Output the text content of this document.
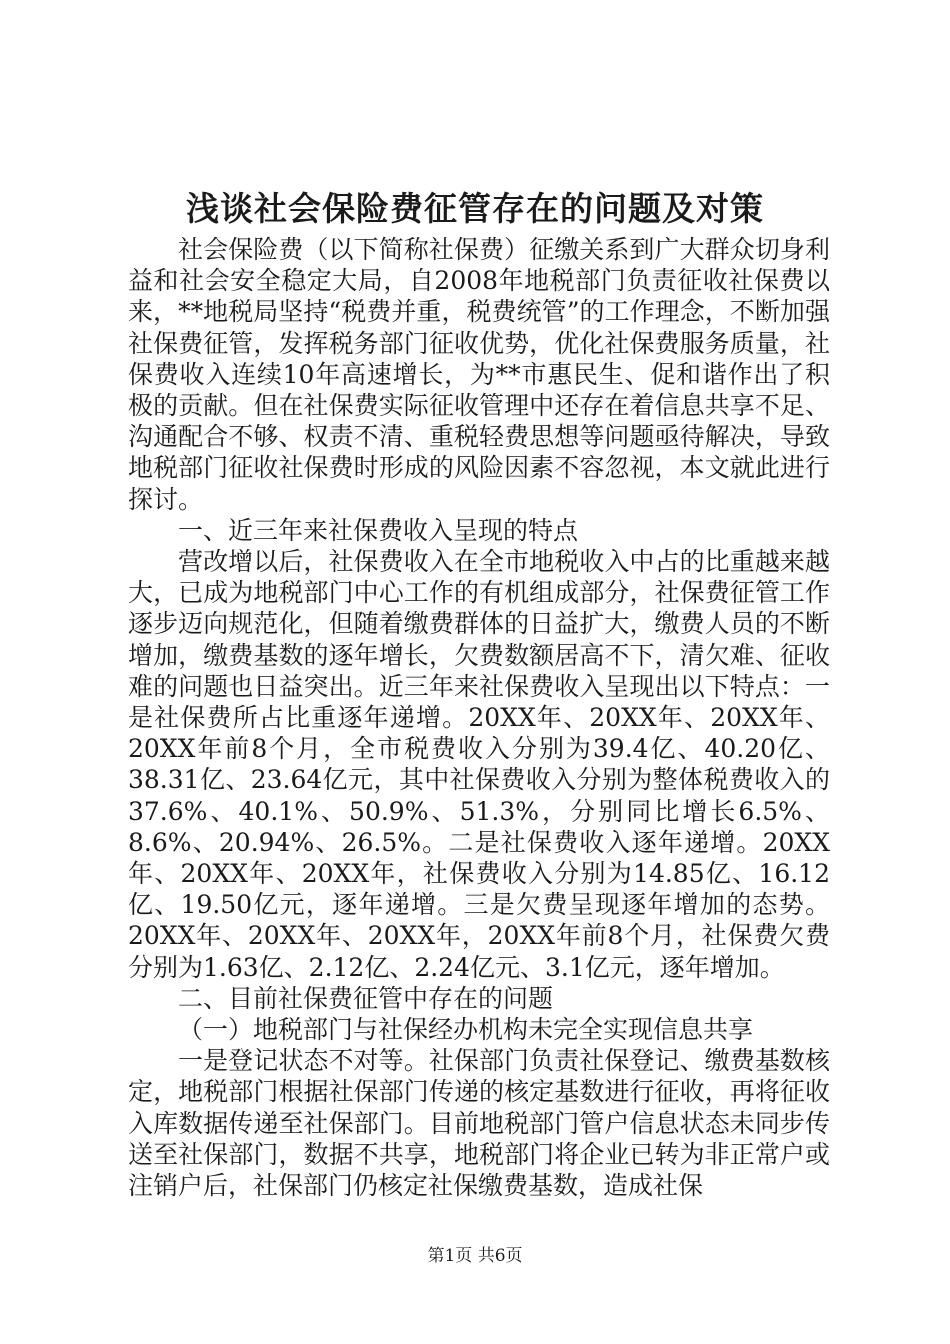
浅谈社会保险费征管存在的问题及对策

社会保险费（以下简称社保费）征缴关系到广大群众切身利益和社会安全稳定大局，自2008年地税部门负责征收社保费以来，**地税局坚持“税费并重，税费统管”的工作理念，不断加强社保费征管，发挥税务部门征收优势，优化社保费服务质量，社保费收入连续10年高速增长，为**市惠民生、促和谐作出了积极的贡献。但在社保费实际征收管理中还存在着信息共享不足、沟通配合不够、权责不清、重税轻费思想等问题亟待解决，导致地税部门征收社保费时形成的风险因素不容忽视，本文就此进行探讨。

一、近三年来社保费收入呈现的特点

营改增以后，社保费收入在全市地税收入中占的比重越来越大，已成为地税部门中心工作的有机组成部分，社保费征管工作逐步迈向规范化，但随着缴费群体的日益扩大，缴费人员的不断增加，缴费基数的逐年增长，欠费数额居高不下，清欠难、征收难的问题也日益突出。近三年来社保费收入呈现出以下特点：一是社保费所占比重逐年递增。20XX年、20XX年、20XX年、20XX年前8个月，全市税费收入分别为39.4亿、40.20亿、38.31亿、23.64亿元，其中社保费收入分别为整体税费收入的37.6%、40.1%、50.9%、51.3%，分别同比增长6.5%、8.6%、20.94%、26.5%。二是社保费收入逐年递增。20XX年、20XX年、20XX年，社保费收入分别为14.85亿、16.12亿、19.50亿元，逐年递增。三是欠费呈现逐年增加的态势。20XX年、20XX年、20XX年，20XX年前8个月，社保费欠费分别为1.63亿、2.12亿、2.24亿元、3.1亿元，逐年增加。

二、目前社保费征管中存在的问题

（一）地税部门与社保经办机构未完全实现信息共享

一是登记状态不对等。社保部门负责社保登记、缴费基数核定，地税部门根据社保部门传递的核定基数进行征收，再将征收入库数据传递至社保部门。目前地税部门管户信息状态未同步传送至社保部门，数据不共享，地税部门将企业已转为非正常户或注销户后，社保部门仍核定社保缴费基数，造成社保

第1页 共6页
